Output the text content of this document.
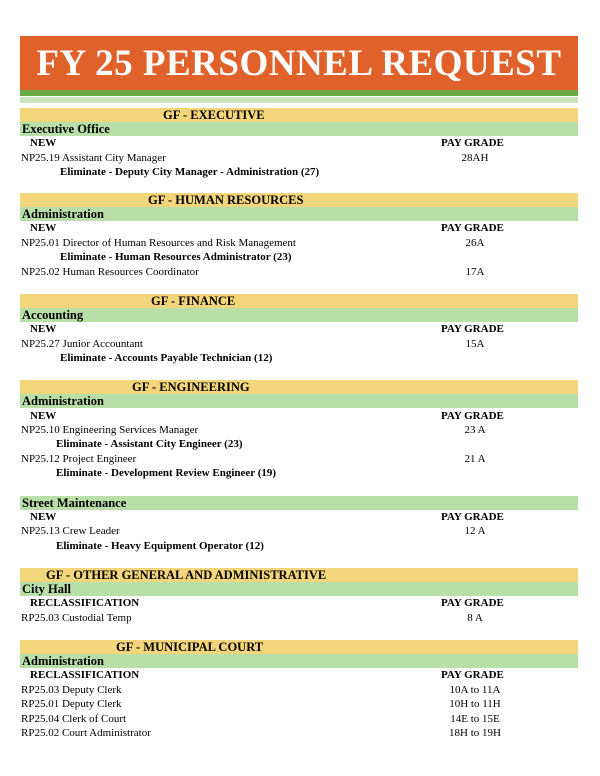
FY 25 PERSONNEL REQUEST
GF - EXECUTIVE
Executive Office
NEW	PAY GRADE
NP25.19 Assistant City Manager	28AH
Eliminate - Deputy City Manager - Administration (27)
GF - HUMAN RESOURCES
Administration
NEW	PAY GRADE
NP25.01 Director of Human Resources and Risk Management	26A
Eliminate - Human Resources Administrator (23)
NP25.02 Human Resources Coordinator	17A
GF - FINANCE
Accounting
NEW	PAY GRADE
NP25.27 Junior Accountant	15A
Eliminate - Accounts Payable Technician (12)
GF - ENGINEERING
Administration
NEW	PAY GRADE
NP25.10 Engineering Services Manager	23 A
Eliminate - Assistant City Engineer (23)
NP25.12 Project Engineer	21 A
Eliminate - Development Review Engineer (19)
Street Maintenance
NEW	PAY GRADE
NP25.13 Crew Leader	12 A
Eliminate - Heavy Equipment Operator (12)
GF - OTHER GENERAL AND ADMINISTRATIVE
City Hall
RECLASSIFICATION	PAY GRADE
RP25.03 Custodial Temp	8 A
GF - MUNICIPAL COURT
Administration
RECLASSIFICATION	PAY GRADE
RP25.03 Deputy Clerk	10A to 11A
RP25.01 Deputy Clerk	10H to 11H
RP25.04 Clerk of Court	14E to 15E
RP25.02 Court Administrator	18H to 19H
